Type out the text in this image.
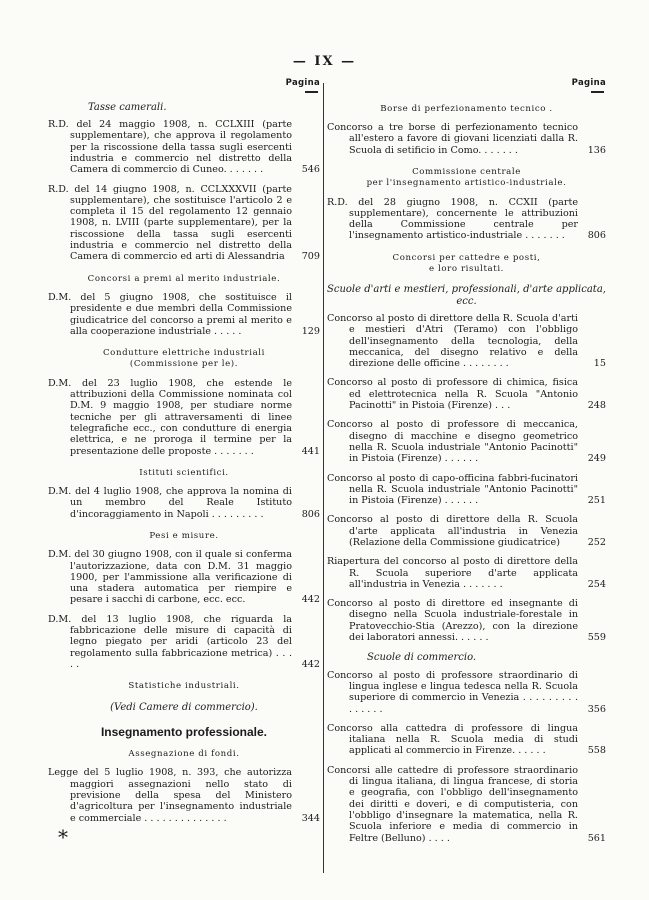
— IX —
Pagina
Tasse camerali.
R.D. del 24 maggio 1908, n. CCLXIII (parte supplementare), che approva il regolamento per la riscossione della tassa sugli esercenti industria e commercio nel distretto della Camera di commercio di Cuneo. . . . . . .	546
R.D. del 14 giugno 1908, n. CCLXXXVII (parte supplementare), che sostituisce l'articolo 2 e completa il 15 del regolamento 12 gennaio 1908, n. LVIII (parte supplementare), per la riscossione della tassa sugli esercenti industria e commercio nel distretto della Camera di commercio ed arti di Alessandria	709
Concorsi a premi al merito industriale.
D.M. del 5 giugno 1908, che sostituisce il presidente e due membri della Commissione giudicatrice del concorso a premi al merito e alla cooperazione industriale . . . . .	129
Condutture elettriche industriali
(Commissione per le).
D.M. del 23 luglio 1908, che estende le attribuzioni della Commissione nominata col D.M. 9 maggio 1908, per studiare norme tecniche per gli attraversamenti di linee telegrafiche ecc., con condutture di energia elettrica, e ne proroga il termine per la presentazione delle proposte . . . . . . .	441
Istituti scientifici.
D.M. del 4 luglio 1908, che approva la nomina di un membro del Reale Istituto d'incoraggiamento in Napoli . . . . . . . . .	806
Pesi e misure.
D.M. del 30 giugno 1908, con il quale si conferma l'autorizzazione, data con D.M. 31 maggio 1900, per l'ammissione alla verificazione di una stadera automatica per riempire e pesare i sacchi di carbone, ecc. ecc.	442
D.M. del 13 luglio 1908, che riguarda la fabbricazione delle misure di capacità di legno piegato per aridi (articolo 23 del regolamento sulla fabbricazione metrica) . . . . .	442
Statistiche industriali.
(Vedi Camere di commercio).
Insegnamento professionale.
Assegnazione di fondi.
Legge del 5 luglio 1908, n. 393, che autorizza maggiori assegnazioni nello stato di previsione della spesa del Ministero d'agricoltura per l'insegnamento industriale e commerciale . . . . . . . . . . . . . .	344
*
Pagina
Borse di perfezionamento tecnico .
Concorso a tre borse di perfezionamento tecnico all'estero a favore di giovani licenziati dalla R. Scuola di setificio in Como. . . . . . .	136
Commissione centrale
per l'insegnamento artistico-industriale.
R.D. del 28 giugno 1908, n. CCXII (parte supplementare), concernente le attribuzioni della Commissione centrale per l'insegnamento artistico-industriale . . . . . . .	806
Concorsi per cattedre e posti,
e loro risultati.
Scuole d'arti e mestieri, professionali, d'arte applicata, ecc.
Concorso al posto di direttore della R. Scuola d'arti e mestieri d'Atri (Teramo) con l'obbligo dell'insegnamento della tecnologia, della meccanica, del disegno relativo e della direzione delle officine . . . . . . . .	15
Concorso al posto di professore di chimica, fisica ed elettrotecnica nella R. Scuola "Antonio Pacinotti" in Pistoia (Firenze) . . .	248
Concorso al posto di professore di meccanica, disegno di macchine e disegno geometrico nella R. Scuola industriale "Antonio Pacinotti" in Pistoia (Firenze) . . . . . .	249
Concorso al posto di capo-officina fabbri-fucinatori nella R. Scuola industriale "Antonio Pacinotti" in Pistoia (Firenze) . . . . . .	251
Concorso al posto di direttore della R. Scuola d'arte applicata all'industria in Venezia (Relazione della Commissione giudicatrice)	252
Riapertura del concorso al posto di direttore della R. Scuola superiore d'arte applicata all'industria in Venezia . . . . . . .	254
Concorso al posto di direttore ed insegnante di disegno nella Scuola industriale-forestale in Pratovecchio-Stia (Arezzo), con la direzione dei laboratori annessi. . . . . .	559
Scuole di commercio.
Concorso al posto di professore straordinario di lingua inglese e lingua tedesca nella R. Scuola superiore di commercio in Venezia . . . . . . . . . . . . . . .	356
Concorso alla cattedra di professore di lingua italiana nella R. Scuola media di studi applicati al commercio in Firenze. . . . . .	558
Concorsi alle cattedre di professore straordinario di lingua italiana, di lingua francese, di storia e geografia, con l'obbligo dell'insegnamento dei diritti e doveri, e di computisteria, con l'obbligo d'insegnare la matematica, nella R. Scuola inferiore e media di commercio in Feltre (Belluno) . . . .	561
